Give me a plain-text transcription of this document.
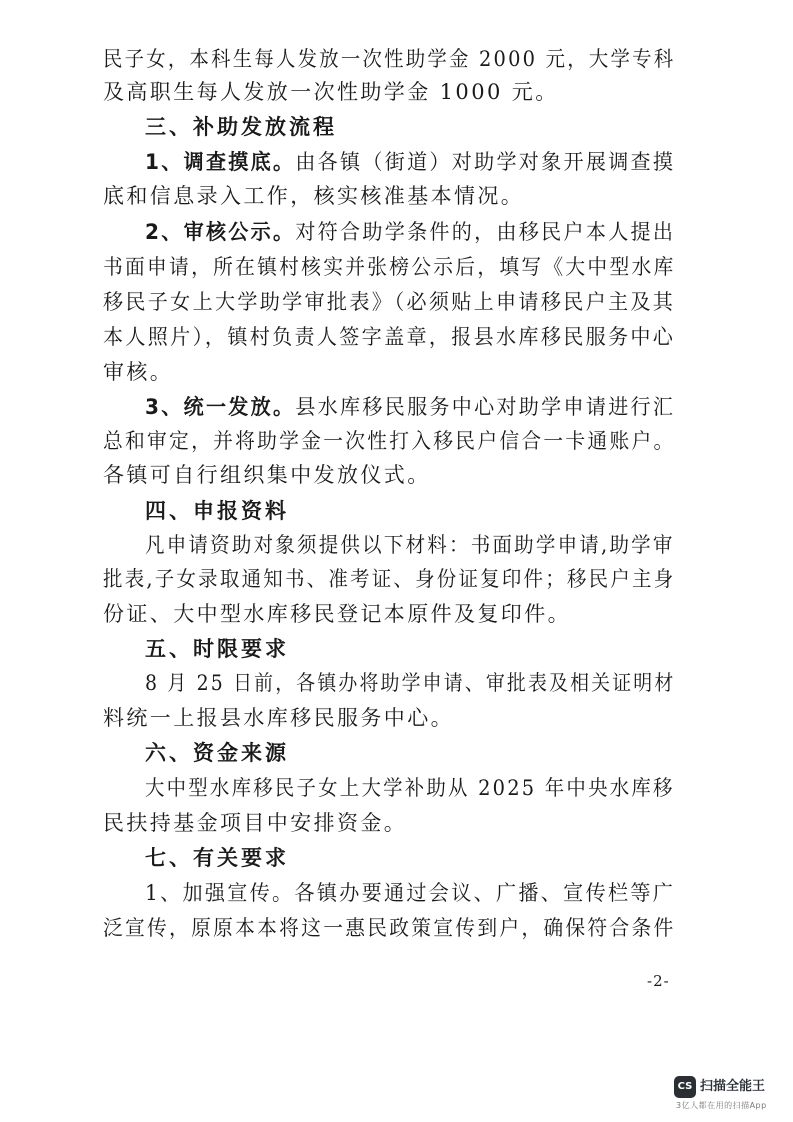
民子女，本科生每人发放一次性助学金 2000 元，大学专科
及高职生每人发放一次性助学金 1000 元。
三、补助发放流程
1、调查摸底。由各镇（街道）对助学对象开展调查摸
底和信息录入工作，核实核准基本情况。
2、审核公示。对符合助学条件的，由移民户本人提出
书面申请，所在镇村核实并张榜公示后，填写《大中型水库
移民子女上大学助学审批表》（必须贴上申请移民户主及其
本人照片），镇村负责人签字盖章，报县水库移民服务中心
审核。
3、统一发放。县水库移民服务中心对助学申请进行汇
总和审定，并将助学金一次性打入移民户信合一卡通账户。
各镇可自行组织集中发放仪式。
四、申报资料
凡申请资助对象须提供以下材料：书面助学申请,助学审
批表,子女录取通知书、准考证、身份证复印件；移民户主身
份证、大中型水库移民登记本原件及复印件。
五、时限要求
8 月 25 日前，各镇办将助学申请、审批表及相关证明材
料统一上报县水库移民服务中心。
六、资金来源
大中型水库移民子女上大学补助从 2025 年中央水库移
民扶持基金项目中安排资金。
七、有关要求
1、加强宣传。各镇办要通过会议、广播、宣传栏等广
泛宣传，原原本本将这一惠民政策宣传到户，确保符合条件
-2-
CS 扫描全能王
3亿人都在用的扫描App
